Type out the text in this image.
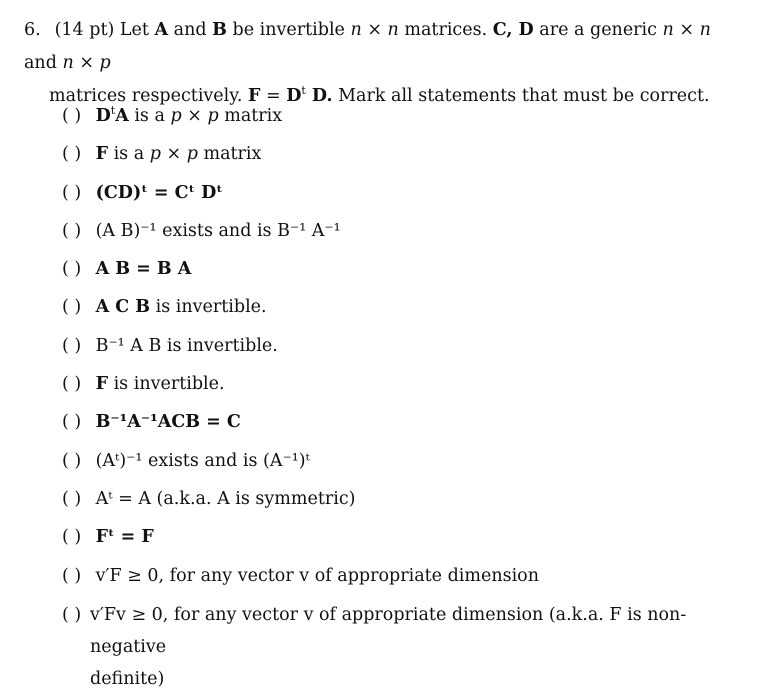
6. (14 pt) Let A and B be invertible n × n matrices. C, D are a generic n × n and n × p
matrices respectively. $F = D^t$ D. Mark all statements that must be correct.
( ) $D^tA$ is a p × p matrix
( ) F is a p × p matrix
( ) (CD)ᵗ = Cᵗ Dᵗ
( ) (A B)⁻¹ exists and is B⁻¹ A⁻¹
( ) A B = B A
( ) A C B is invertible.
( ) B⁻¹ A B is invertible.
( ) F is invertible.
( ) B⁻¹A⁻¹ACB = C
( ) (Aᵗ)⁻¹ exists and is (A⁻¹)ᵗ
( ) Aᵗ = A (a.k.a. A is symmetric)
( ) Fᵗ = F
( ) v′F ≥ 0, for any vector v of appropriate dimension
( ) v′Fv ≥ 0, for any vector v of appropriate dimension (a.k.a. F is non-negative
definite)
